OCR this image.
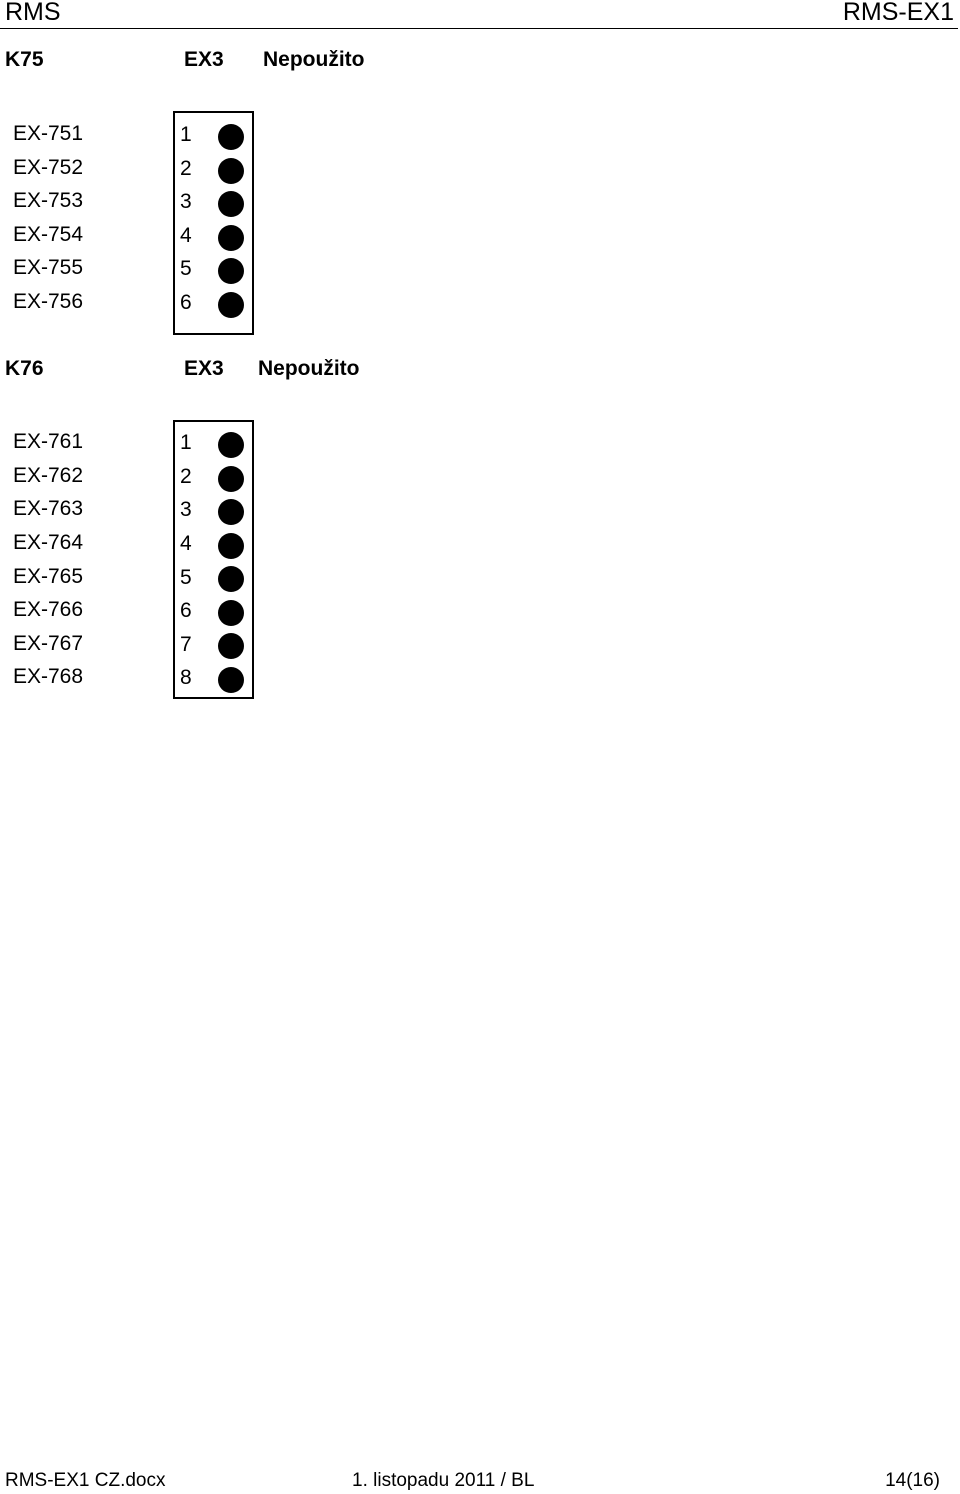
RMS	RMS-EX1
K75	EX3 Nepoužito
EX-751	1
EX-752	2
EX-753	3
EX-754	4
EX-755	5
EX-756	6
K76	EX3 Nepoužito
EX-761	1
EX-762	2
EX-763	3
EX-764	4
EX-765	5
EX-766	6
EX-767	7
EX-768	8
RMS-EX1 CZ.docx	1. listopadu 2011 / BL	14(16)
